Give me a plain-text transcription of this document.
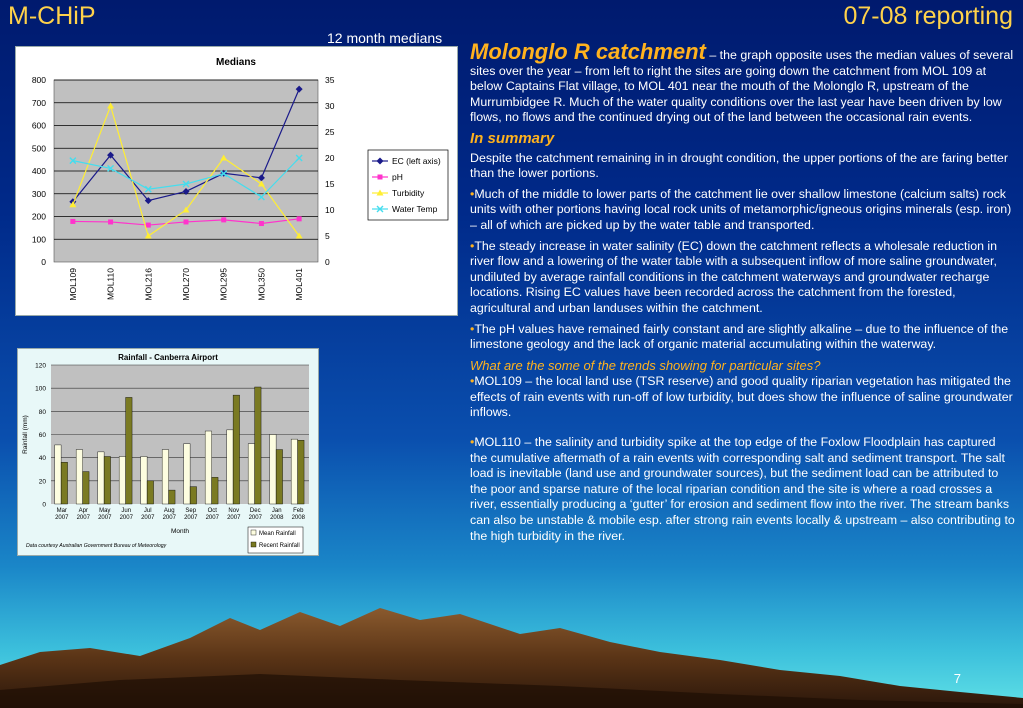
M-CHiP	07-08 reporting
12 month medians
Medians
0
100
200
300
400
500
600
700
800
0
5
10
15
20
25
30
35
MOL109	MOL110	MOL216	MOL270	MOL295	MOL350	MOL401
EC (left axis)
pH
Turbidity
Water Temp
Rainfall - Canberra Airport
0
20
40
60
80
100
120
Rainfall (mm)
Mar
2007
Apr
2007
May
2007
Jun
2007
Jul
2007
Aug
2007
Sep
2007
Oct
2007
Nov
2007
Dec
2007
Jan
2008
Feb
2008
Month
Data courtesy Australian Government Bureau of Meteorology
Mean Rainfall
Recent Rainfall

Molonglo R catchment – the graph opposite uses the median values of several sites over the year – from left to right the sites are going down the catchment from MOL 109 at below Captains Flat village, to MOL 401 near the mouth of the Molonglo R, upstream of the Murrumbidgee R. Much of the water quality conditions over the last year have been driven by low flows, no flows and the continued drying out of the land between the occasional rain events.

In summary

Despite the catchment remaining in in drought condition, the upper portions of the are faring better than the lower portions.

•Much of the middle to lower parts of the catchment lie over shallow limestone (calcium salts) rock units with other portions having local rock units of metamorphic/igneous origins minerals (esp. iron) – all of which are picked up by the water table and transported.

•The steady increase in water salinity (EC) down the catchment reflects a wholesale reduction in river flow and a lowering of the water table with a subsequent inflow of more saline groundwater, undiluted by average rainfall conditions in the catchment waterways and groundwater recharge locations. Rising EC values have been recorded across the catchment from the forested, agricultural and urban landuses within the catchment.

•The pH values have remained fairly constant and are slightly alkaline – due to the influence of the limestone geology and the lack of organic material accumulating within the waterway.

What are the some of the trends showing for particular sites?

•MOL109 – the local land use (TSR reserve) and good quality riparian vegetation has mitigated the effects of rain events with run-off of low turbidity, but does show the influence of saline groundwater inflows.

•MOL110 – the salinity and turbidity spike at the top edge of the Foxlow Floodplain has captured the cumulative aftermath of a rain events with corresponding salt and sediment transport. The salt load is inevitable (land use and groundwater sources), but the sediment load can be attributed to the poor and sparse nature of the local riparian condition and the site is where a road crosses a river, essentially producing a ‘gutter’ for erosion and sediment flow into the river. The stream banks can also be unstable & mobile esp. after strong rain events locally & upstream – also contributing to the high turbidity in the river.

7
